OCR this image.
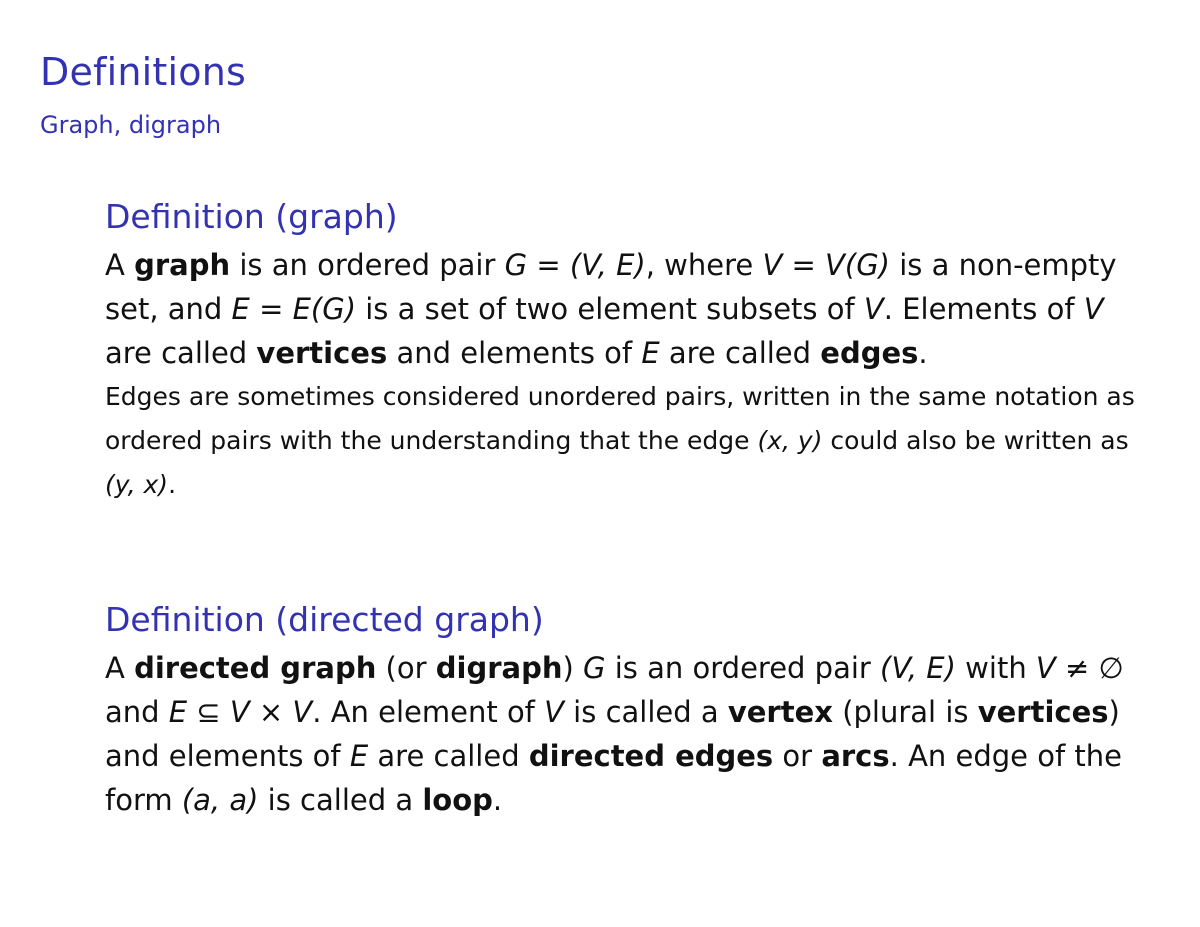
Definitions
Graph, digraph
Definition (graph)

A graph is an ordered pair G = (V, E), where V = V(G) is a non-empty set, and E = E(G) is a set of two element subsets of V. Elements of V are called vertices and elements of E are called edges.

Edges are sometimes considered unordered pairs, written in the same notation as ordered pairs with the understanding that the edge (x, y) could also be written as (y, x).

Definition (directed graph)

A directed graph (or digraph) G is an ordered pair (V, E) with V ≠ ∅ and E ⊆ V × V. An element of V is called a vertex (plural is vertices) and elements of E are called directed edges or arcs. An edge of the form (a, a) is called a loop.
